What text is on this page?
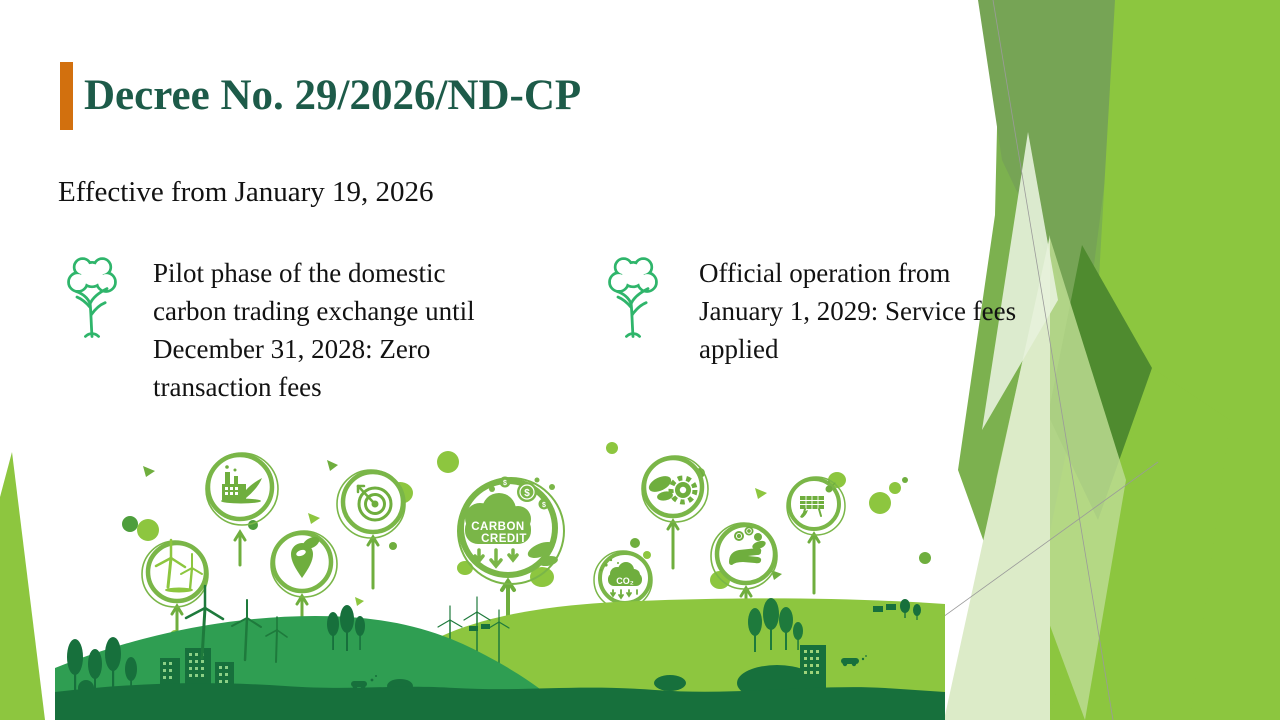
Decree No. 29/2026/ND-CP

Effective from January 19, 2026

Pilot phase of the domestic carbon trading exchange until December 31, 2028: Zero transaction fees

Official operation from January 1, 2029: Service fees applied

CARBON
CREDIT
$
$
$
CO₂
